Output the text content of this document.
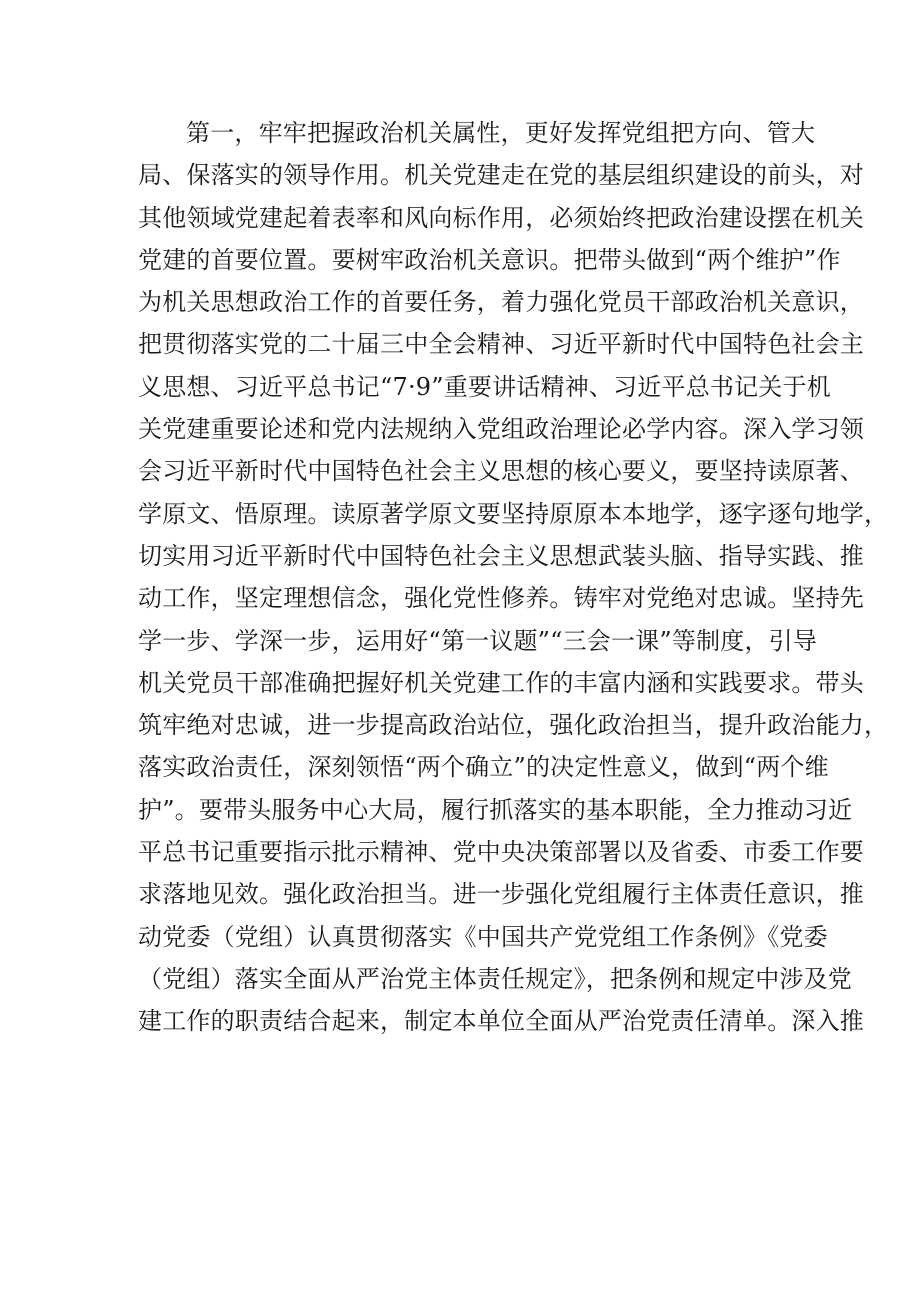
第一，牢牢把握政治机关属性，更好发挥党组把方向、管大
局、保落实的领导作用。机关党建走在党的基层组织建设的前头，对
其他领域党建起着表率和风向标作用，必须始终把政治建设摆在机关
党建的首要位置。要树牢政治机关意识。把带头做到“两个维护”作
为机关思想政治工作的首要任务，着力强化党员干部政治机关意识，
把贯彻落实党的二十届三中全会精神、习近平新时代中国特色社会主
义思想、习近平总书记“7·9”重要讲话精神、习近平总书记关于机
关党建重要论述和党内法规纳入党组政治理论必学内容。深入学习领
会习近平新时代中国特色社会主义思想的核心要义，要坚持读原著、
学原文、悟原理。读原著学原文要坚持原原本本地学，逐字逐句地学，
切实用习近平新时代中国特色社会主义思想武装头脑、指导实践、推
动工作，坚定理想信念，强化党性修养。铸牢对党绝对忠诚。坚持先
学一步、学深一步，运用好“第一议题”“三会一课”等制度，引导
机关党员干部准确把握好机关党建工作的丰富内涵和实践要求。带头
筑牢绝对忠诚，进一步提高政治站位，强化政治担当，提升政治能力，
落实政治责任，深刻领悟“两个确立”的决定性意义，做到“两个维
护”。要带头服务中心大局，履行抓落实的基本职能，全力推动习近
平总书记重要指示批示精神、党中央决策部署以及省委、市委工作要
求落地见效。强化政治担当。进一步强化党组履行主体责任意识，推
动党委（党组）认真贯彻落实《中国共产党党组工作条例》《党委
（党组）落实全面从严治党主体责任规定》，把条例和规定中涉及党
建工作的职责结合起来，制定本单位全面从严治党责任清单。深入推
